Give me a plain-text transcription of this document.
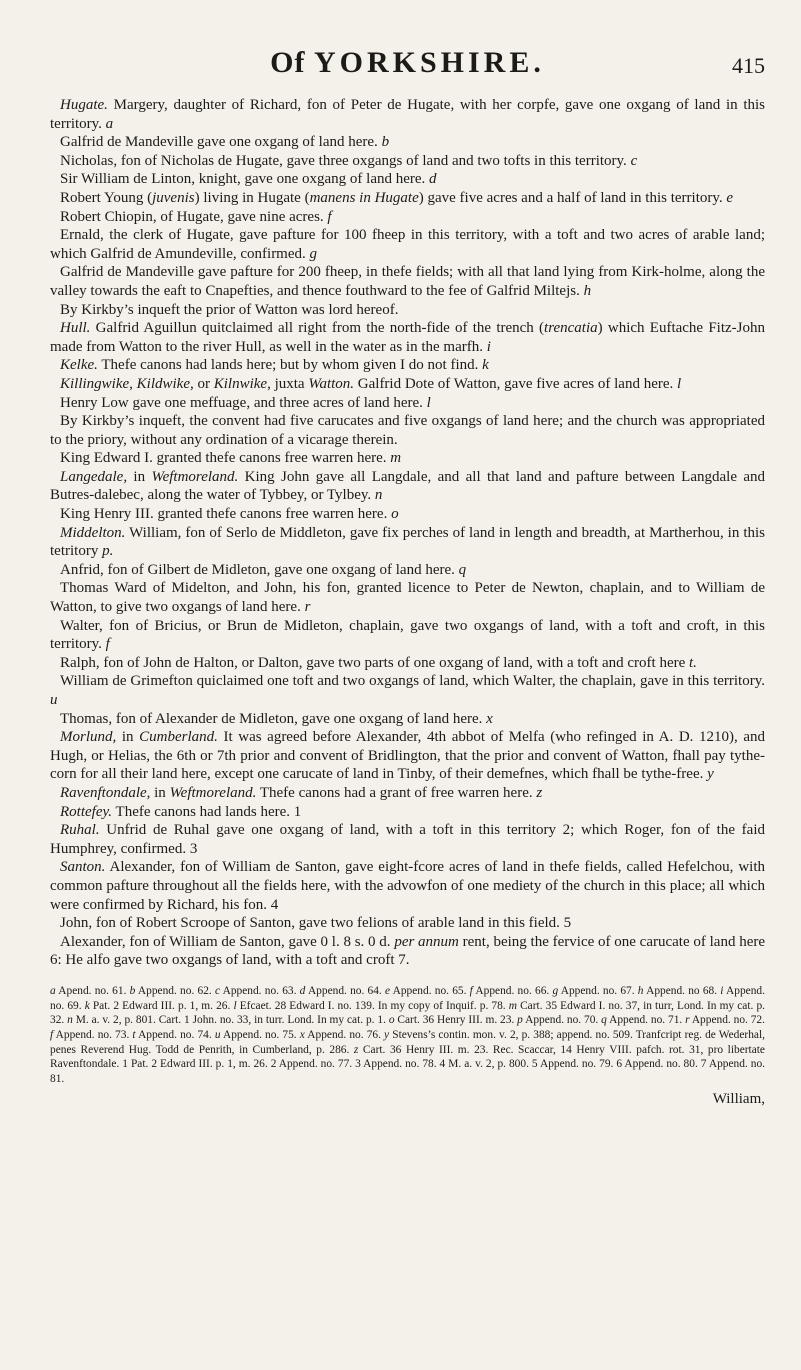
Of YORKSHIRE.	415

Hugate. Margery, daughter of Richard, fon of Peter de Hugate, with her corpfe, gave one oxgang of land in this territory. a

Galfrid de Mandeville gave one oxgang of land here. b

Nicholas, fon of Nicholas de Hugate, gave three oxgangs of land and two tofts in this territory. c

Sir William de Linton, knight, gave one oxgang of land here. d

Robert Young (juvenis) living in Hugate (manens in Hugate) gave five acres and a half of land in this territory. e

Robert Chiopin, of Hugate, gave nine acres. f

Ernald, the clerk of Hugate, gave pafture for 100 fheep in this territory, with a toft and two acres of arable land; which Galfrid de Amundeville, confirmed. g

Galfrid de Mandeville gave pafture for 200 fheep, in thefe fields; with all that land lying from Kirk-holme, along the valley towards the eaft to Cnapefties, and thence fouthward to the fee of Galfrid Miltejs. h

By Kirkby’s inqueft the prior of Watton was lord hereof.

Hull. Galfrid Aguillun quitclaimed all right from the north-fide of the trench (trencatia) which Euftache Fitz-John made from Watton to the river Hull, as well in the water as in the marfh. i

Kelke. Thefe canons had lands here; but by whom given I do not find. k

Killingwike, Kildwike, or Kilnwike, juxta Watton. Galfrid Dote of Watton, gave five acres of land here. l

Henry Low gave one meffuage, and three acres of land here. l

By Kirkby’s inqueft, the convent had five carucates and five oxgangs of land here; and the church was appropriated to the priory, without any ordination of a vicarage therein.

King Edward I. granted thefe canons free warren here. m

Langedale, in Weftmoreland. King John gave all Langdale, and all that land and pafture between Langdale and Butres-dalebec, along the water of Tybbey, or Tylbey. n

King Henry III. granted thefe canons free warren here. o

Middelton. William, fon of Serlo de Middleton, gave fix perches of land in length and breadth, at Martherhou, in this tetritory p.

Anfrid, fon of Gilbert de Midleton, gave one oxgang of land here. q

Thomas Ward of Midelton, and John, his fon, granted licence to Peter de Newton, chaplain, and to William de Watton, to give two oxgangs of land here. r

Walter, fon of Bricius, or Brun de Midleton, chaplain, gave two oxgangs of land, with a toft and croft, in this territory. f

Ralph, fon of John de Halton, or Dalton, gave two parts of one oxgang of land, with a toft and croft here t.

William de Grimefton quiclaimed one toft and two oxgangs of land, which Walter, the chaplain, gave in this territory. u

Thomas, fon of Alexander de Midleton, gave one oxgang of land here. x

Morlund, in Cumberland. It was agreed before Alexander, 4th abbot of Melfa (who refinged in A. D. 1210), and Hugh, or Helias, the 6th or 7th prior and convent of Bridlington, that the prior and convent of Watton, fhall pay tythe-corn for all their land here, except one carucate of land in Tinby, of their demefnes, which fhall be tythe-free. y

Ravenftondale, in Weftmoreland. Thefe canons had a grant of free warren here. z

Rottefey. Thefe canons had lands here. 1

Ruhal. Unfrid de Ruhal gave one oxgang of land, with a toft in this territory 2; which Roger, fon of the faid Humphrey, confirmed. 3

Santon. Alexander, fon of William de Santon, gave eight-fcore acres of land in thefe fields, called Hefelchou, with common pafture throughout all the fields here, with the advowfon of one mediety of the church in this place; all which were confirmed by Richard, his fon. 4

John, fon of Robert Scroope of Santon, gave two felions of arable land in this field. 5

Alexander, fon of William de Santon, gave 0 l. 8 s. 0 d. per annum rent, being the fervice of one carucate of land here 6: He alfo gave two oxgangs of land, with a toft and croft 7.

a Apend. no. 61. b Append. no. 62. c Append. no. 63. d Append. no. 64. e Append. no. 65. f Append. no. 66. g Append. no. 67. h Append. no 68. i Append. no. 69. k Pat. 2 Edward III. p. 1, m. 26. l Efcaet. 28 Edward I. no. 139. In my copy of Inquif. p. 78. m Cart. 35 Edward I. no. 37, in turr, Lond. In my cat. p. 32. n M. a. v. 2, p. 801. Cart. 1 John. no. 33, in turr. Lond. In my cat. p. 1. o Cart. 36 Henry III. m. 23. p Append. no. 70. q Append. no. 71. r Append. no. 72. f Append. no. 73. t Append. no. 74. u Append. no. 75. x Append. no. 76. y Stevens’s contin. mon. v. 2, p. 388; append. no. 509. Tranfcript reg. de Wederhal, penes Reverend Hug. Todd de Penrith, in Cumberland, p. 286. z Cart. 36 Henry III. m. 23. Rec. Scaccar, 14 Henry VIII. pafch. rot. 31, pro libertate Ravenftondale. 1 Pat. 2 Edward III. p. 1, m. 26. 2 Append. no. 77. 3 Append. no. 78. 4 M. a. v. 2, p. 800. 5 Append. no. 79. 6 Append. no. 80. 7 Append. no. 81.
William,
